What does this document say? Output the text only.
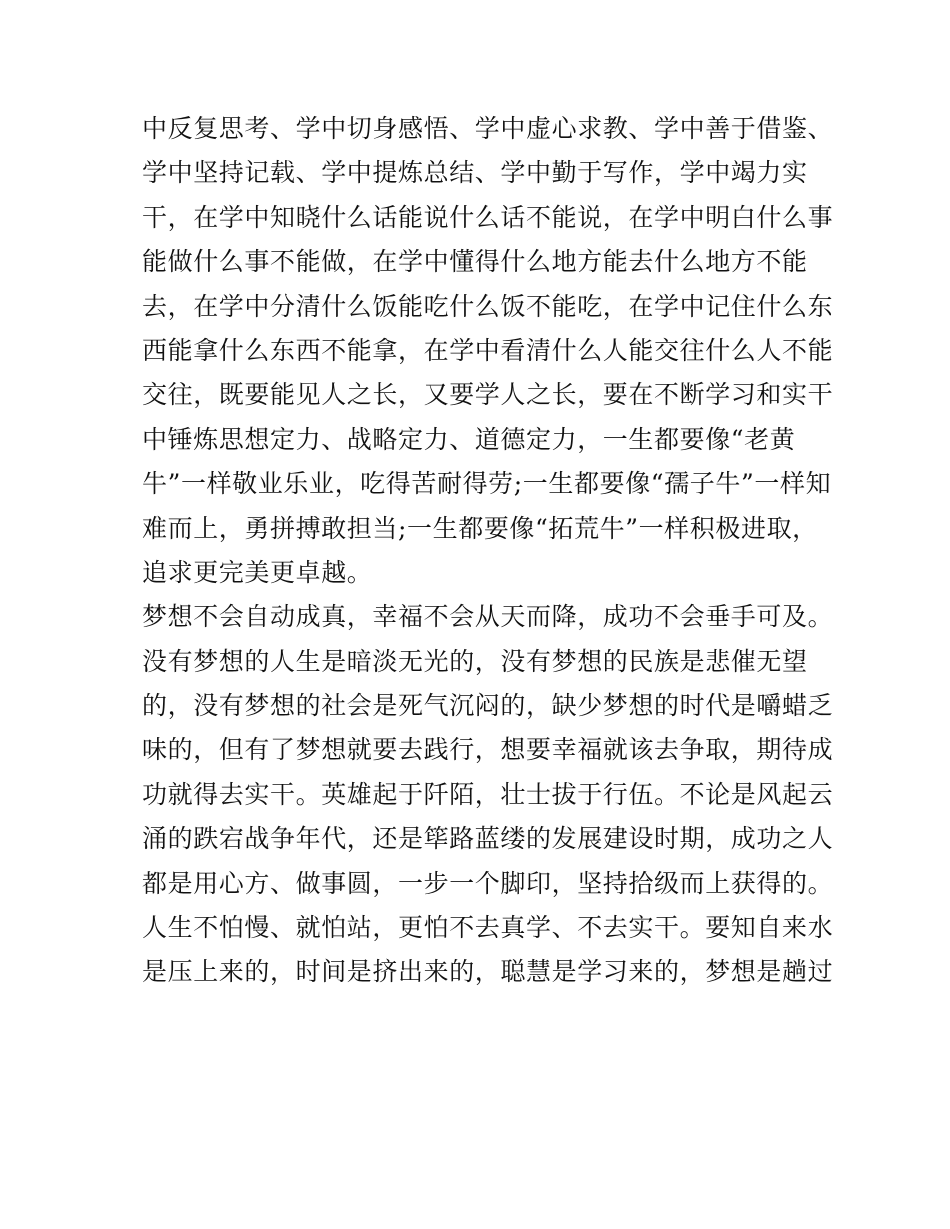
中反复思考、学中切身感悟、学中虚心求教、学中善于借鉴、
学中坚持记载、学中提炼总结、学中勤于写作，学中竭力实
干，在学中知晓什么话能说什么话不能说，在学中明白什么事
能做什么事不能做，在学中懂得什么地方能去什么地方不能
去，在学中分清什么饭能吃什么饭不能吃，在学中记住什么东
西能拿什么东西不能拿，在学中看清什么人能交往什么人不能
交往，既要能见人之长，又要学人之长，要在不断学习和实干
中锤炼思想定力、战略定力、道德定力，一生都要像“老黄
牛”一样敬业乐业，吃得苦耐得劳;一生都要像“孺子牛”一样知
难而上，勇拼搏敢担当;一生都要像“拓荒牛”一样积极进取，
追求更完美更卓越。
梦想不会自动成真，幸福不会从天而降，成功不会垂手可及。
没有梦想的人生是暗淡无光的，没有梦想的民族是悲催无望
的，没有梦想的社会是死气沉闷的，缺少梦想的时代是嚼蜡乏
味的，但有了梦想就要去践行，想要幸福就该去争取，期待成
功就得去实干。英雄起于阡陌，壮士拔于行伍。不论是风起云
涌的跌宕战争年代，还是筚路蓝缕的发展建设时期，成功之人
都是用心方、做事圆，一步一个脚印，坚持拾级而上获得的。
人生不怕慢、就怕站，更怕不去真学、不去实干。要知自来水
是压上来的，时间是挤出来的，聪慧是学习来的，梦想是趟过
